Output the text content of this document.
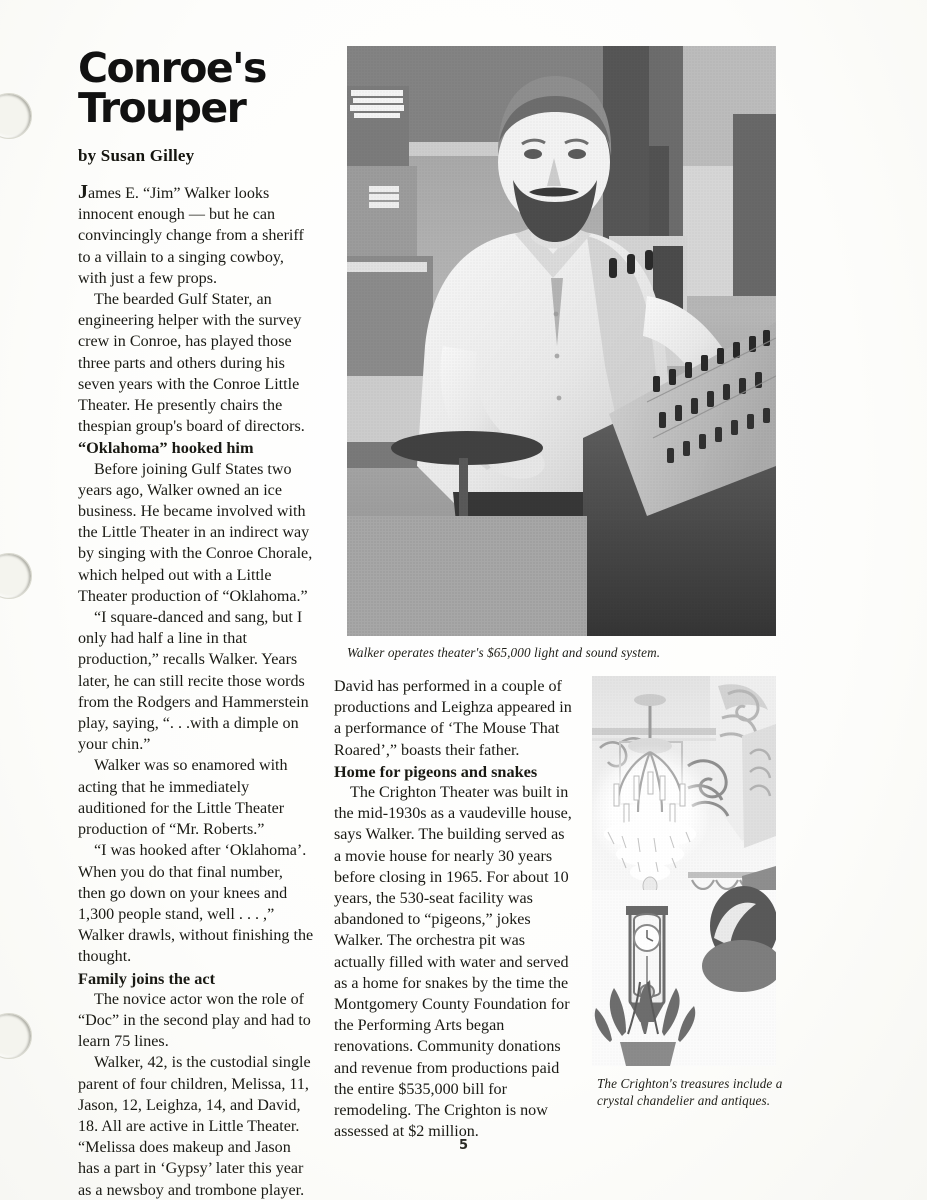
Conroe's
Trouper
by Susan Gilley

James E. “Jim” Walker looks innocent enough — but he can convincingly change from a sheriff to a villain to a singing cowboy, with just a few props.

The bearded Gulf Stater, an engineering helper with the survey crew in Conroe, has played those three parts and others during his seven years with the Conroe Little Theater. He presently chairs the thespian group's board of directors.

“Oklahoma” hooked him

Before joining Gulf States two years ago, Walker owned an ice business. He became involved with the Little Theater in an indirect way by singing with the Conroe Chorale, which helped out with a Little Theater production of “Oklahoma.”

“I square-danced and sang, but I only had half a line in that production,” recalls Walker. Years later, he can still recite those words from the Rodgers and Hammerstein play, saying, “. . .with a dimple on your chin.”

Walker was so enamored with acting that he immediately auditioned for the Little Theater production of “Mr. Roberts.”

“I was hooked after ‘Oklahoma’. When you do that final number, then go down on your knees and 1,300 people stand, well . . . ,” Walker drawls, without finishing the thought.

Family joins the act

The novice actor won the role of “Doc” in the second play and had to learn 75 lines.

Walker, 42, is the custodial single parent of four children, Melissa, 11, Jason, 12, Leighza, 14, and David, 18. All are active in Little Theater. “Melissa does makeup and Jason has a part in ‘Gypsy’ later this year as a newsboy and trombone player.

Walker operates theater's $65,000 light and sound system.

David has performed in a couple of productions and Leighza appeared in a performance of ‘The Mouse That Roared’,” boasts their father.

Home for pigeons and snakes

The Crighton Theater was built in the mid-1930s as a vaudeville house, says Walker. The building served as a movie house for nearly 30 years before closing in 1965. For about 10 years, the 530-seat facility was abandoned to “pigeons,” jokes Walker. The orchestra pit was actually filled with water and served as a home for snakes by the time the Montgomery County Foundation for the Performing Arts began renovations. Community donations and revenue from productions paid the entire $535,000 bill for remodeling. The Crighton is now assessed at $2 million.

The Crighton's treasures include a
crystal chandelier and antiques.
5
